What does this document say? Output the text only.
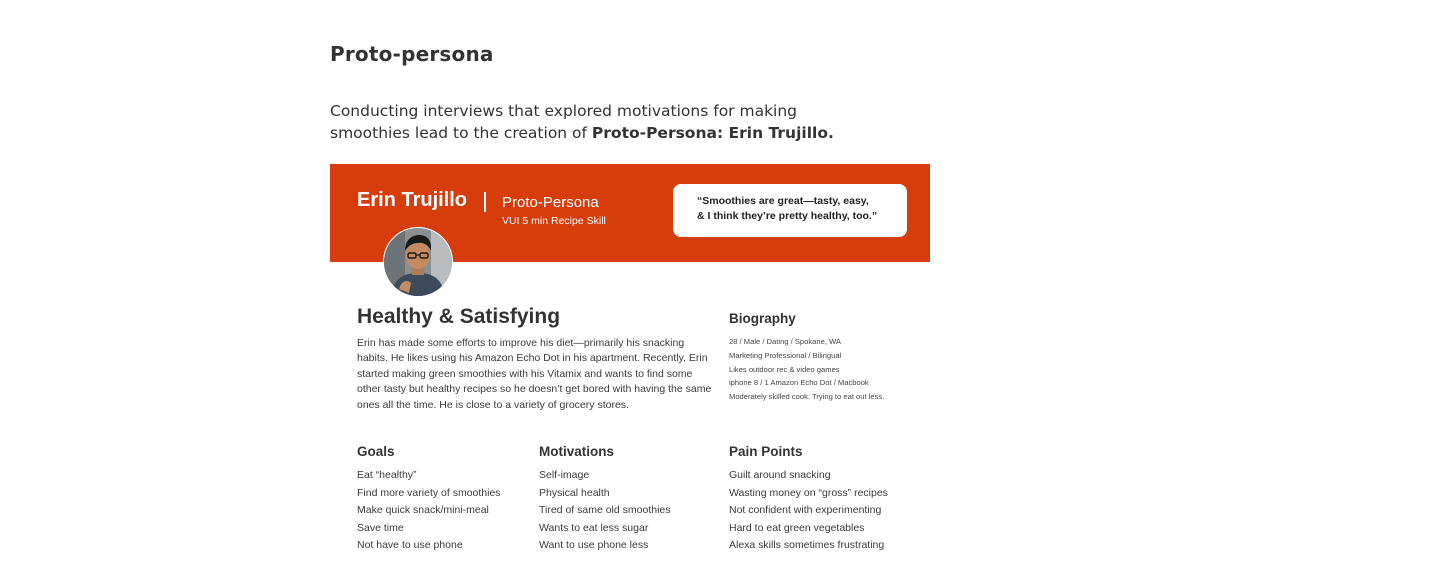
Proto-persona
Conducting interviews that explored motivations for making smoothies lead to the creation of Proto-Persona: Erin Trujillo.
Erin Trujillo Proto-Persona
VUI 5 min Recipe Skill
“Smoothies are great—tasty, easy,
& I think they’re pretty healthy, too.”
Healthy & Satisfying
Erin has made some efforts to improve his diet—primarily his snacking habits. He likes using his Amazon Echo Dot in his apartment. Recently, Erin started making green smoothies with his Vitamix and wants to find some other tasty but healthy recipes so he doesn’t get bored with having the same ones all the time. He is close to a variety of grocery stores.
Biography
28 / Male / Dating / Spokane, WA
Marketing Professional / Bilingual
Likes outdoor rec & video games
iphone 8 / 1 Amazon Echo Dot / Macbook
Moderately skilled cook. Trying to eat out less.
Goals
Eat “healthy”
Find more variety of smoothies
Make quick snack/mini-meal
Save time
Not have to use phone
Motivations
Self-image
Physical health
Tired of same old smoothies
Wants to eat less sugar
Want to use phone less
Pain Points
Guilt around snacking
Wasting money on “gross” recipes
Not confident with experimenting
Hard to eat green vegetables
Alexa skills sometimes frustrating
